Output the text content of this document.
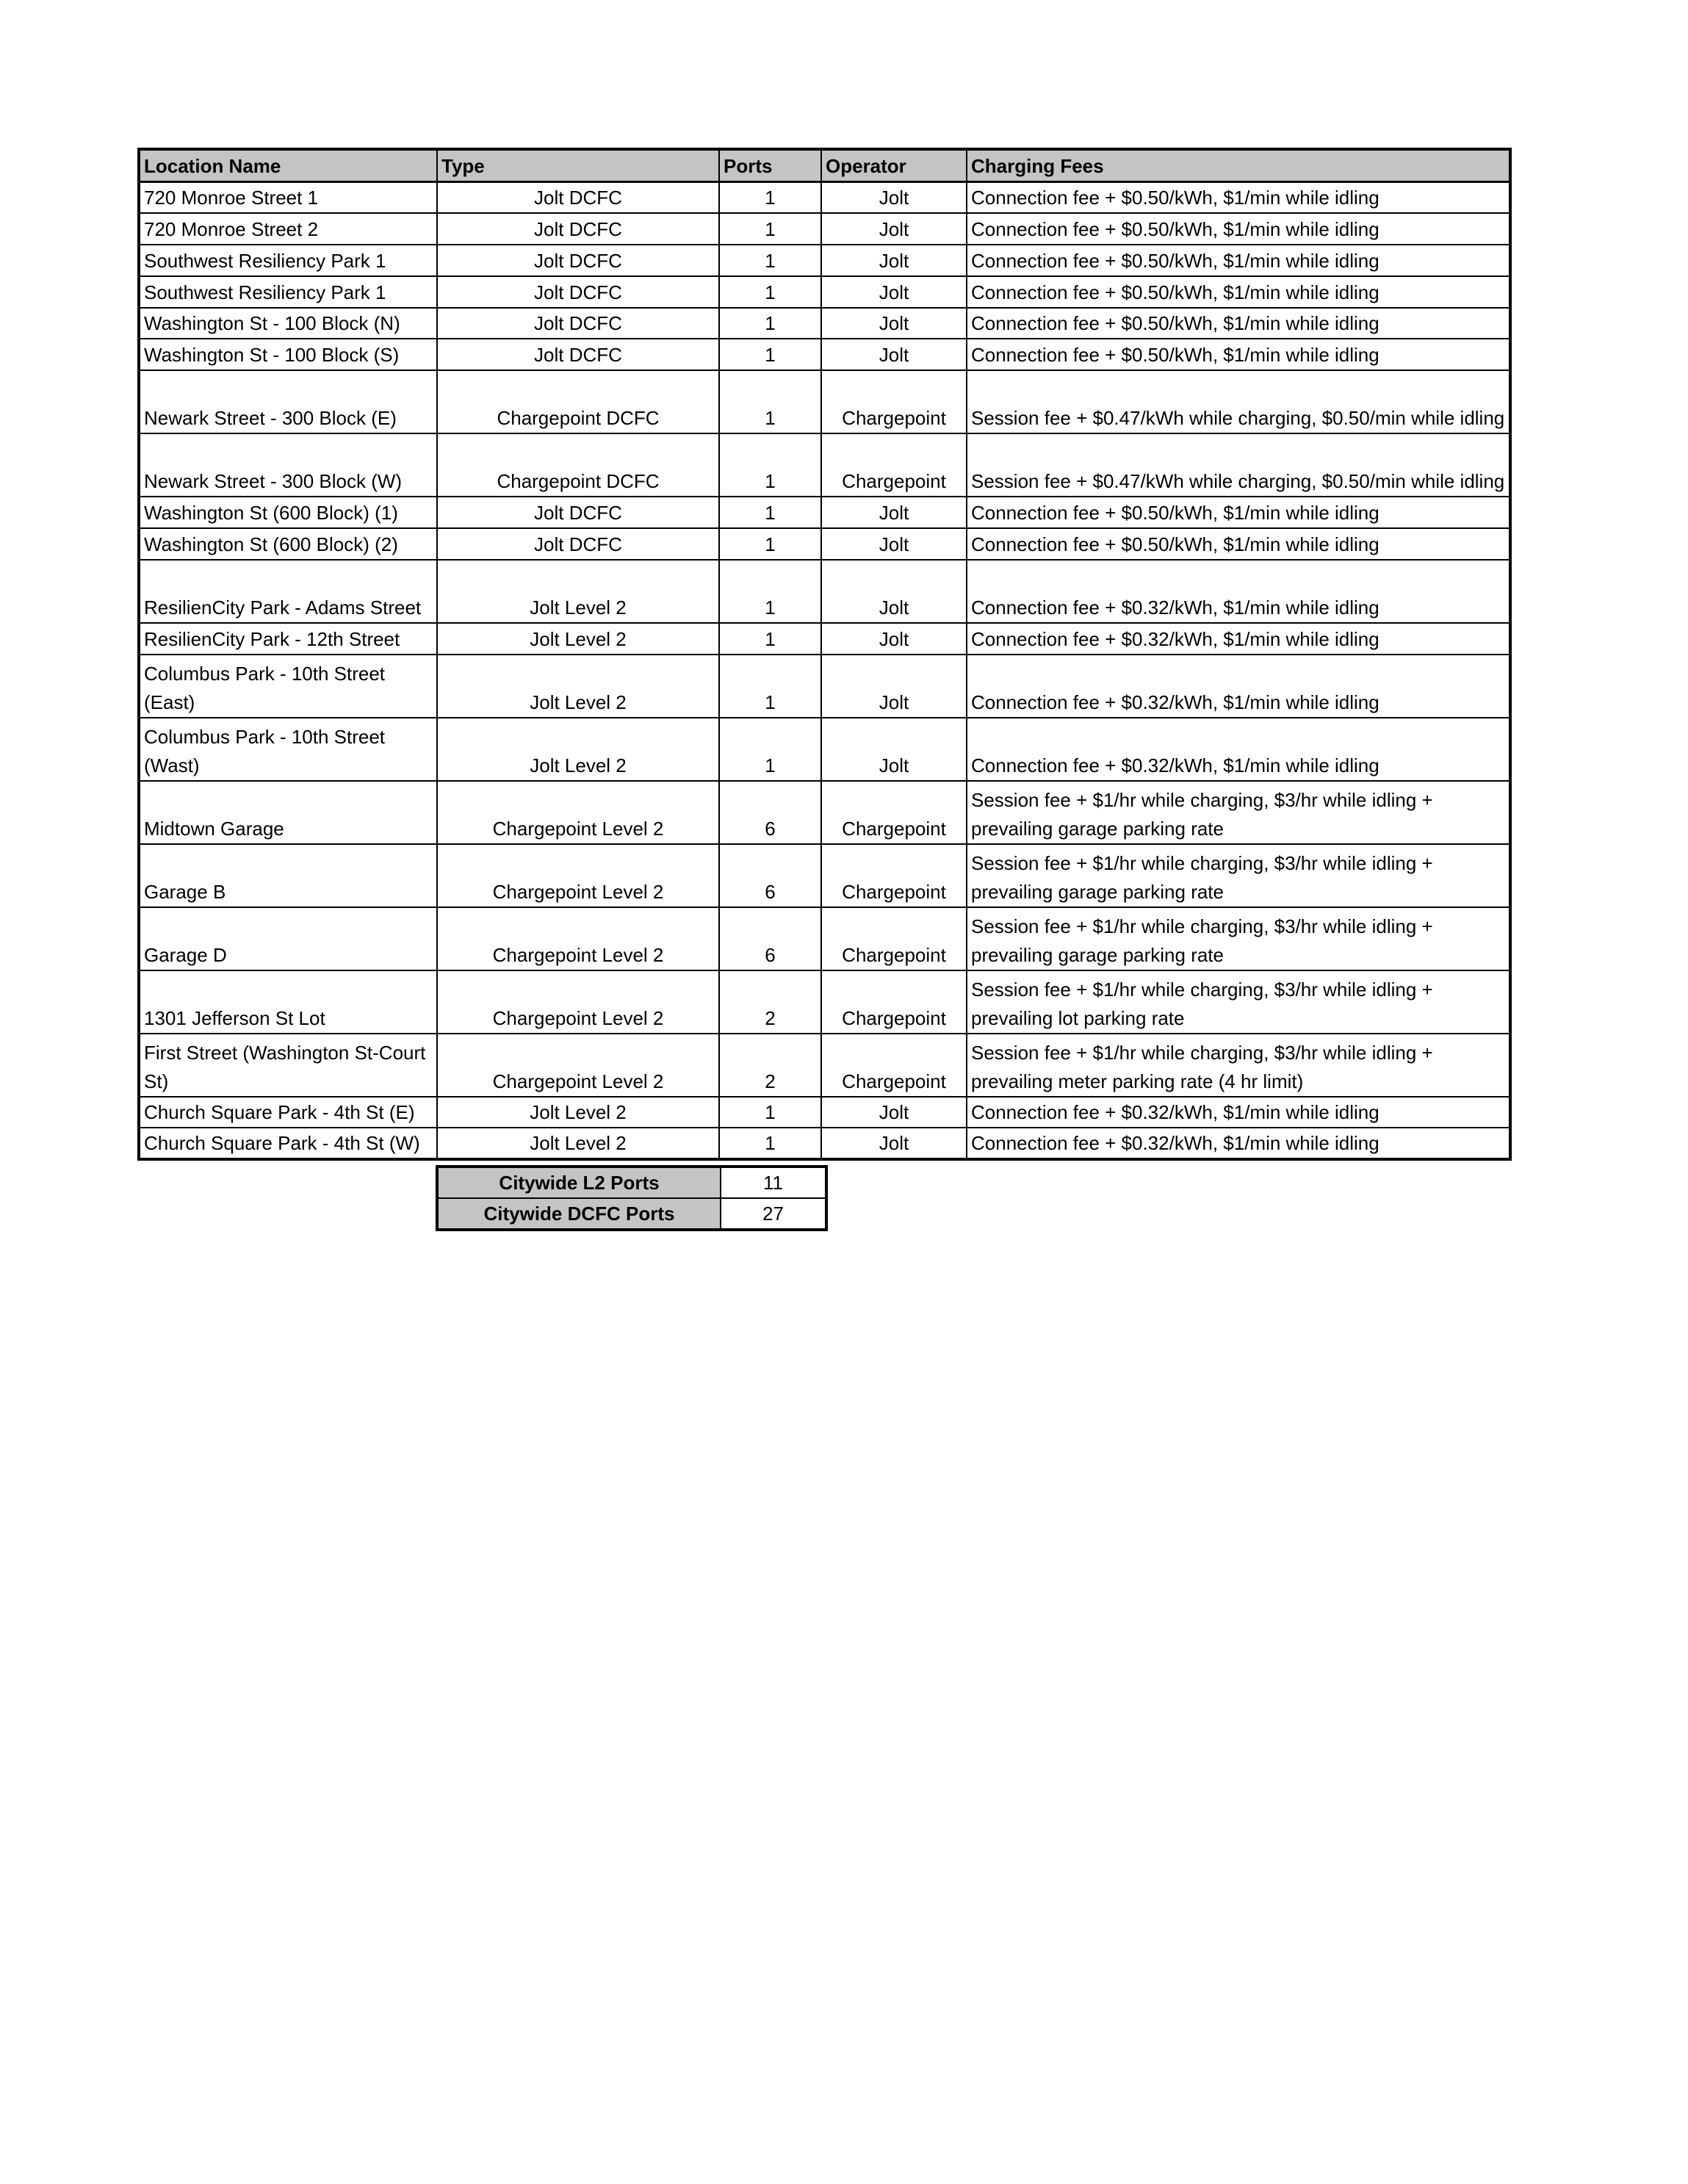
Location Name	Type	Ports	Operator	Charging Fees
720 Monroe Street 1	Jolt DCFC	1	Jolt	Connection fee + $0.50/kWh, $1/min while idling
720 Monroe Street 2	Jolt DCFC	1	Jolt	Connection fee + $0.50/kWh, $1/min while idling
Southwest Resiliency Park 1	Jolt DCFC	1	Jolt	Connection fee + $0.50/kWh, $1/min while idling
Southwest Resiliency Park 1	Jolt DCFC	1	Jolt	Connection fee + $0.50/kWh, $1/min while idling
Washington St - 100 Block (N)	Jolt DCFC	1	Jolt	Connection fee + $0.50/kWh, $1/min while idling
Washington St - 100 Block (S)	Jolt DCFC	1	Jolt	Connection fee + $0.50/kWh, $1/min while idling
Newark Street - 300 Block (E)	Chargepoint DCFC	1	Chargepoint	Session fee + $0.47/kWh while charging, $0.50/min while idling
Newark Street - 300 Block (W)	Chargepoint DCFC	1	Chargepoint	Session fee + $0.47/kWh while charging, $0.50/min while idling
Washington St (600 Block) (1)	Jolt DCFC	1	Jolt	Connection fee + $0.50/kWh, $1/min while idling
Washington St (600 Block) (2)	Jolt DCFC	1	Jolt	Connection fee + $0.50/kWh, $1/min while idling
ResilienCity Park - Adams Street	Jolt Level 2	1	Jolt	Connection fee + $0.32/kWh, $1/min while idling
ResilienCity Park - 12th Street	Jolt Level 2	1	Jolt	Connection fee + $0.32/kWh, $1/min while idling
Columbus Park - 10th Street (East)	Jolt Level 2	1	Jolt	Connection fee + $0.32/kWh, $1/min while idling
Columbus Park - 10th Street (Wast)	Jolt Level 2	1	Jolt	Connection fee + $0.32/kWh, $1/min while idling
Midtown Garage	Chargepoint Level 2	6	Chargepoint	Session fee + $1/hr while charging, $3/hr while idling + prevailing garage parking rate
Garage B	Chargepoint Level 2	6	Chargepoint	Session fee + $1/hr while charging, $3/hr while idling + prevailing garage parking rate
Garage D	Chargepoint Level 2	6	Chargepoint	Session fee + $1/hr while charging, $3/hr while idling + prevailing garage parking rate
1301 Jefferson St Lot	Chargepoint Level 2	2	Chargepoint	Session fee + $1/hr while charging, $3/hr while idling + prevailing lot parking rate
First Street (Washington St-Court St)	Chargepoint Level 2	2	Chargepoint	Session fee + $1/hr while charging, $3/hr while idling + prevailing meter parking rate (4 hr limit)
Church Square Park - 4th St (E)	Jolt Level 2	1	Jolt	Connection fee + $0.32/kWh, $1/min while idling
Church Square Park - 4th St (W)	Jolt Level 2	1	Jolt	Connection fee + $0.32/kWh, $1/min while idling
Citywide L2 Ports	11
Citywide DCFC Ports	27
